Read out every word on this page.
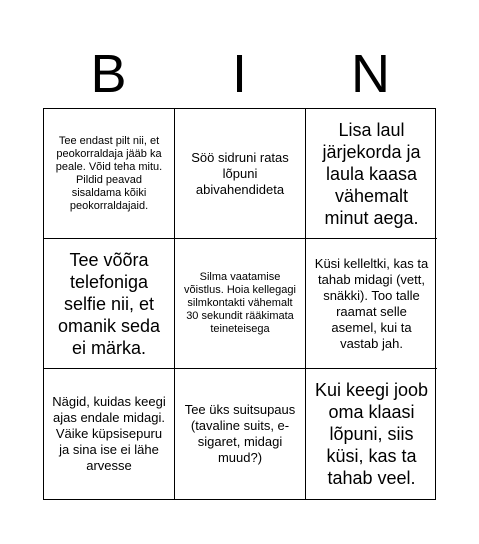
B	I	N
Tee endast pilt nii, et peokorraldaja jääb ka peale. Võid teha mitu. Pildid peavad sisaldama kõiki peokorraldajaid.
Söö sidruni ratas lõpuni abivahendideta
Lisa laul järjekorda ja laula kaasa vähemalt minut aega.
Tee võõra telefoniga selfie nii, et omanik seda ei märka.
Silma vaatamise võistlus. Hoia kellegagi silmkontakti vähemalt 30 sekundit rääkimata teineteisega
Küsi kelleltki, kas ta tahab midagi (vett, snäkki). Too talle raamat selle asemel, kui ta vastab jah.
Nägid, kuidas keegi ajas endale midagi. Väike küpsisepuru ja sina ise ei lähe arvesse
Tee üks suitsupaus (tavaline suits, e-sigaret, midagi muud?)
Kui keegi joob oma klaasi lõpuni, siis küsi, kas ta tahab veel.
